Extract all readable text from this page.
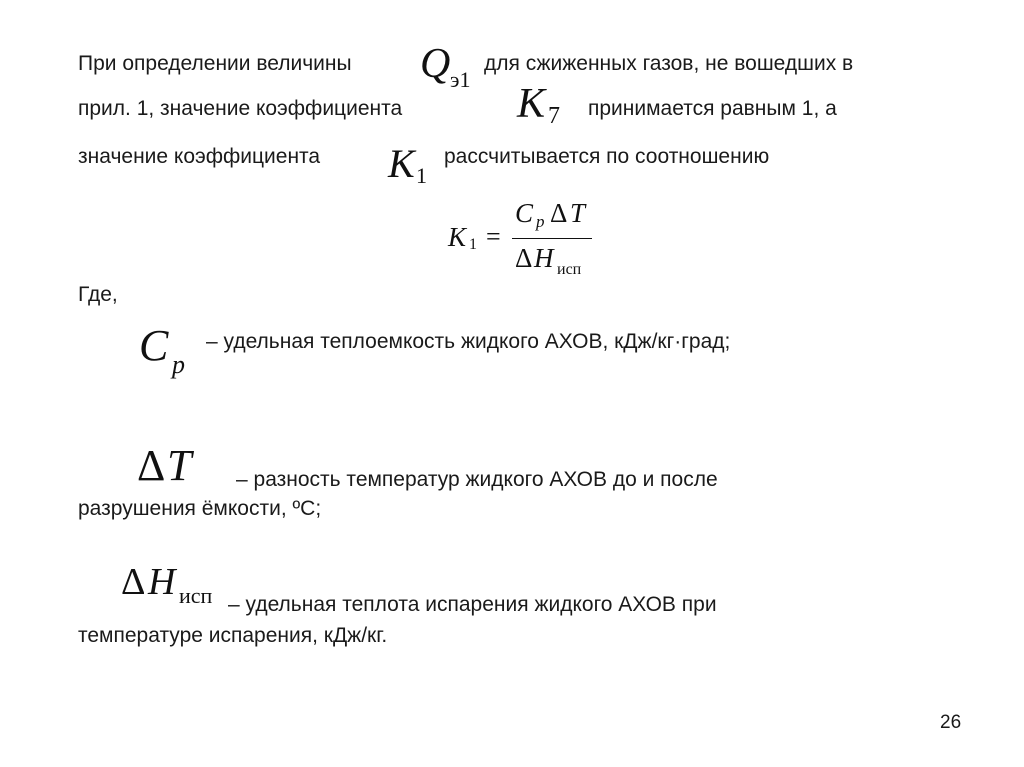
При определении величины Q э1
для сжиженных газов, не вошедших в
прил. 1, значение коэффициента	K 7 принимается равным 1, а
значение коэффициента K 1
рассчитывается по соотношению
K 1 =
C p Δ T
Δ H исп
Где,
C p
– удельная теплоемкость жидкого АХОВ, кДж/кг·град;
Δ T – разность температур жидкого АХОВ до и после
разрушения ёмкости, ºС;
Δ H исп – удельная теплота испарения жидкого АХОВ при
температуре испарения, кДж/кг.
26
